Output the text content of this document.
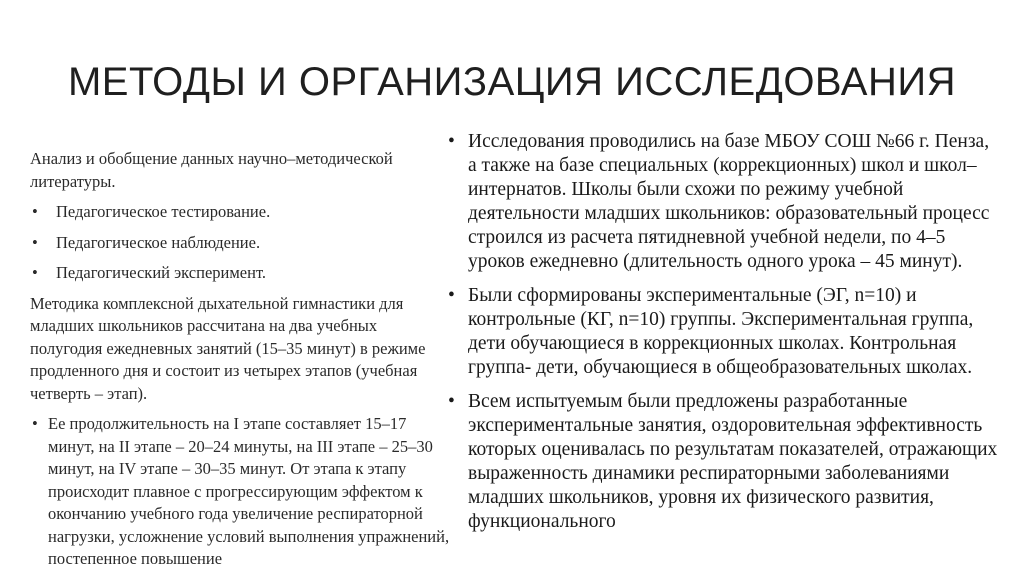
МЕТОДЫ И ОРГАНИЗАЦИЯ ИССЛЕДОВАНИЯ

Анализ и обобщение данных научно–методической литературы.

• Педагогическое тестирование.
• Педагогическое наблюдение.
• Педагогический эксперимент.

Методика комплексной дыхательной гимнастики для младших школьников рассчитана на два учебных полугодия ежедневных занятий (15–35 минут) в режиме продленного дня и состоит из четырех этапов (учебная четверть – этап).

• Ее продолжительность на I этапе составляет 15–17 минут, на II этапе – 20–24 минуты, на III этапе – 25–30 минут, на IV этапе – 30–35 минут. От этапа к этапу происходит плавное с прогрессирующим эффектом к окончанию учебного года увеличение респираторной нагрузки, усложнение условий выполнения упражнений, постепенное повышение
• Исследования проводились на базе МБОУ СОШ №66 г. Пенза, а также на базе специальных (коррекционных) школ и школ–интернатов. Школы были схожи по режиму учебной деятельности младших школьников: образовательный процесс строился из расчета пятидневной учебной недели, по 4–5 уроков ежедневно (длительность одного урока – 45 минут).
• Были сформированы экспериментальные (ЭГ, n=10) и контрольные (КГ, n=10) группы. Экспериментальная группа, дети обучающиеся в коррекционных школах. Контрольная группа- дети, обучающиеся в общеобразовательных школах.
• Всем испытуемым были предложены разработанные экспериментальные занятия, оздоровительная эффективность которых оценивалась по результатам показателей, отражающих выраженность динамики респираторными заболеваниями младших школьников, уровня их физического развития, функционального
